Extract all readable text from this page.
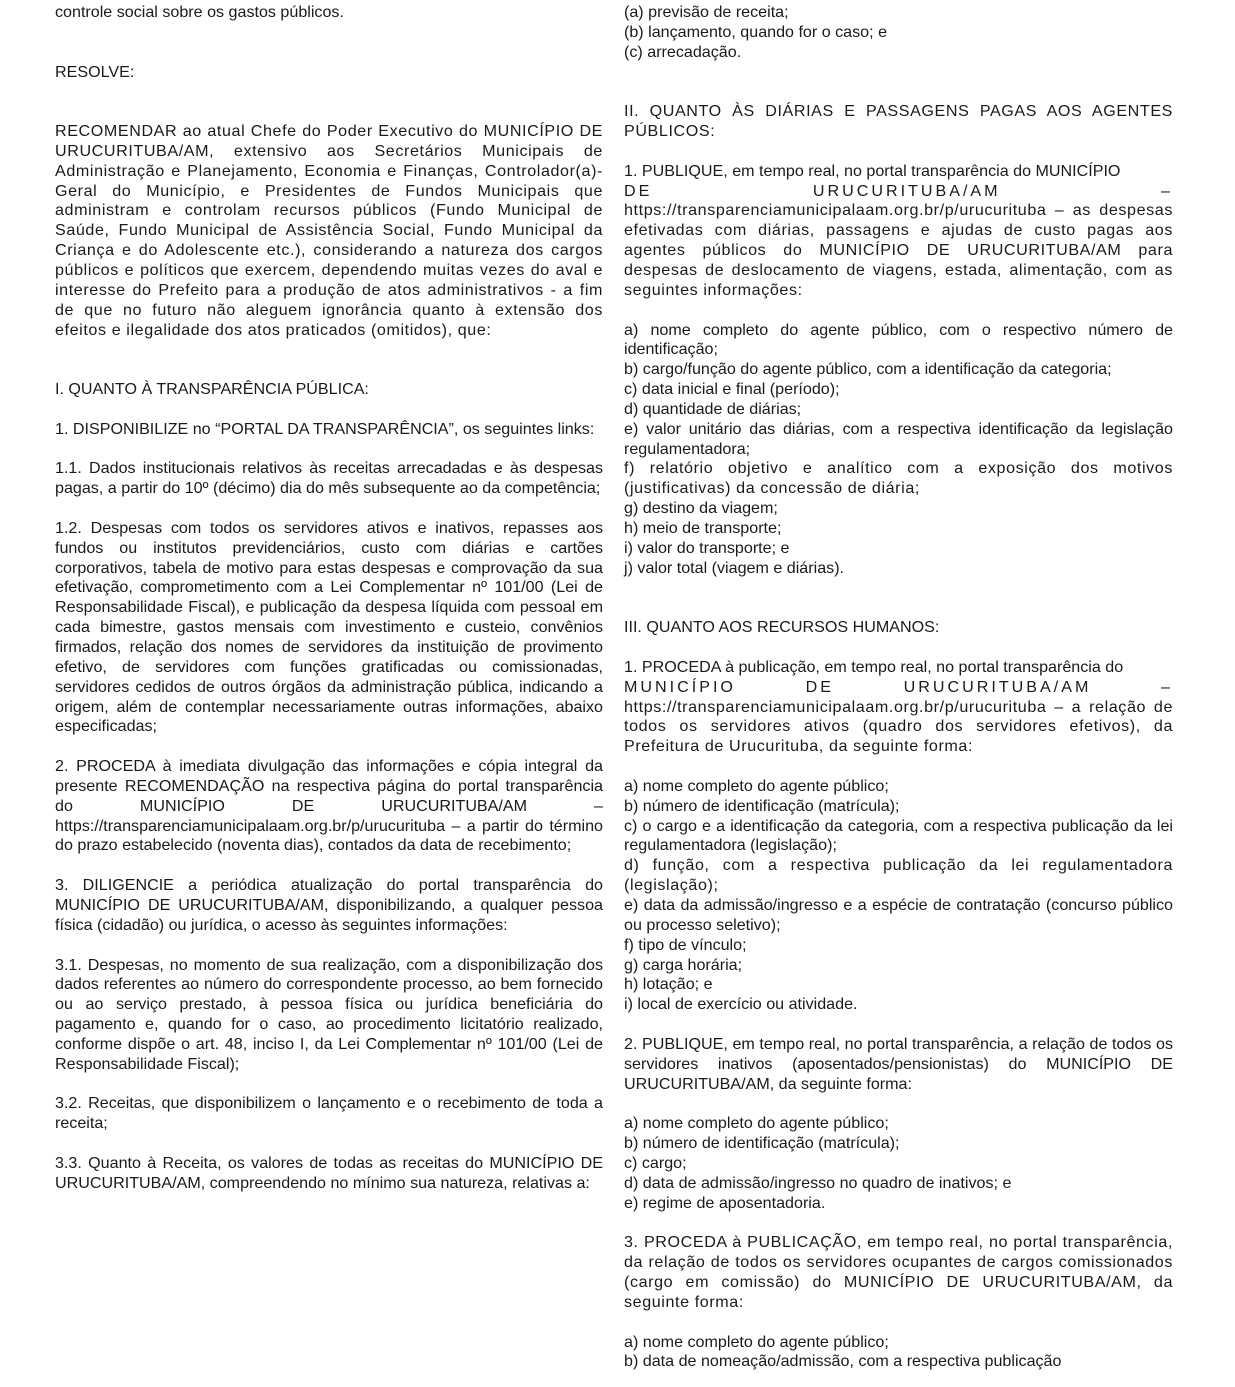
controle social sobre os gastos públicos.

RESOLVE:

RECOMENDAR ao atual Chefe do Poder Executivo do MUNICÍPIO DE URUCURITUBA/AM, extensivo aos Secretários Municipais de Administração e Planejamento, Economia e Finanças, Controlador(a)-Geral do Município, e Presidentes de Fundos Municipais que administram e controlam recursos públicos (Fundo Municipal de Saúde, Fundo Municipal de Assistência Social, Fundo Municipal da Criança e do Adolescente etc.), considerando a natureza dos cargos públicos e políticos que exercem, dependendo muitas vezes do aval e interesse do Prefeito para a produção de atos administrativos - a fim de que no futuro não aleguem ignorância quanto à extensão dos efeitos e ilegalidade dos atos praticados (omitidos), que:

I. QUANTO À TRANSPARÊNCIA PÚBLICA:

1. DISPONIBILIZE no “PORTAL DA TRANSPARÊNCIA”, os seguintes links:

1.1. Dados institucionais relativos às receitas arrecadadas e às despesas pagas, a partir do 10º (décimo) dia do mês subsequente ao da competência;

1.2. Despesas com todos os servidores ativos e inativos, repasses aos fundos ou institutos previdenciários, custo com diárias e cartões corporativos, tabela de motivo para estas despesas e comprovação da sua efetivação, comprometimento com a Lei Complementar nº 101/00 (Lei de Responsabilidade Fiscal), e publicação da despesa líquida com pessoal em cada bimestre, gastos mensais com investimento e custeio, convênios firmados, relação dos nomes de servidores da instituição de provimento efetivo, de servidores com funções gratificadas ou comissionadas, servidores cedidos de outros órgãos da administração pública, indicando a origem, além de contemplar necessariamente outras informações, abaixo especificadas;

2. PROCEDA à imediata divulgação das informações e cópia integral da presente RECOMENDAÇÃO na respectiva página do portal transparência do MUNICÍPIO DE URUCURITUBA/AM – https://transparenciamunicipalaam.org.br/p/urucurituba – a partir do término do prazo estabelecido (noventa dias), contados da data de recebimento;

3. DILIGENCIE a periódica atualização do portal transparência do MUNICÍPIO DE URUCURITUBA/AM, disponibilizando, a qualquer pessoa física (cidadão) ou jurídica, o acesso às seguintes informações:

3.1. Despesas, no momento de sua realização, com a disponibilização dos dados referentes ao número do correspondente processo, ao bem fornecido ou ao serviço prestado, à pessoa física ou jurídica beneficiária do pagamento e, quando for o caso, ao procedimento licitatório realizado, conforme dispõe o art. 48, inciso I, da Lei Complementar nº 101/00 (Lei de Responsabilidade Fiscal);

3.2. Receitas, que disponibilizem o lançamento e o recebimento de toda a receita;

3.3. Quanto à Receita, os valores de todas as receitas do MUNICÍPIO DE URUCURITUBA/AM, compreendendo no mínimo sua natureza, relativas a:

(a) previsão de receita;
(b) lançamento, quando for o caso; e
(c) arrecadação.

II. QUANTO ÀS DIÁRIAS E PASSAGENS PAGAS AOS AGENTES PÚBLICOS:

1. PUBLIQUE, em tempo real, no portal transparência do MUNICÍPIO

DE URUCURITUBA/AM –

https://transparenciamunicipalaam.org.br/p/urucurituba – as despesas efetivadas com diárias, passagens e ajudas de custo pagas aos agentes públicos do MUNICÍPIO DE URUCURITUBA/AM para despesas de deslocamento de viagens, estada, alimentação, com as seguintes informações:

a) nome completo do agente público, com o respectivo número de identificação;

b) cargo/função do agente público, com a identificação da categoria;

c) data inicial e final (período);

d) quantidade de diárias;

e) valor unitário das diárias, com a respectiva identificação da legislação regulamentadora;

f) relatório objetivo e analítico com a exposição dos motivos (justificativas) da concessão de diária;

g) destino da viagem;

h) meio de transporte;

i) valor do transporte; e

j) valor total (viagem e diárias).

III. QUANTO AOS RECURSOS HUMANOS:

1. PROCEDA à publicação, em tempo real, no portal transparência do

MUNICÍPIO DE URUCURITUBA/AM –

https://transparenciamunicipalaam.org.br/p/urucurituba – a relação de todos os servidores ativos (quadro dos servidores efetivos), da Prefeitura de Urucurituba, da seguinte forma:

a) nome completo do agente público;

b) número de identificação (matrícula);

c) o cargo e a identificação da categoria, com a respectiva publicação da lei regulamentadora (legislação);

d) função, com a respectiva publicação da lei regulamentadora (legislação);

e) data da admissão/ingresso e a espécie de contratação (concurso público ou processo seletivo);

f) tipo de vínculo;

g) carga horária;

h) lotação; e

i) local de exercício ou atividade.

2. PUBLIQUE, em tempo real, no portal transparência, a relação de todos os servidores inativos (aposentados/pensionistas) do MUNICÍPIO DE URUCURITUBA/AM, da seguinte forma:

a) nome completo do agente público;

b) número de identificação (matrícula);

c) cargo;

d) data de admissão/ingresso no quadro de inativos; e

e) regime de aposentadoria.

3. PROCEDA à PUBLICAÇÃO, em tempo real, no portal transparência, da relação de todos os servidores ocupantes de cargos comissionados (cargo em comissão) do MUNICÍPIO DE URUCURITUBA/AM, da seguinte forma:

a) nome completo do agente público;

b) data de nomeação/admissão, com a respectiva publicação
